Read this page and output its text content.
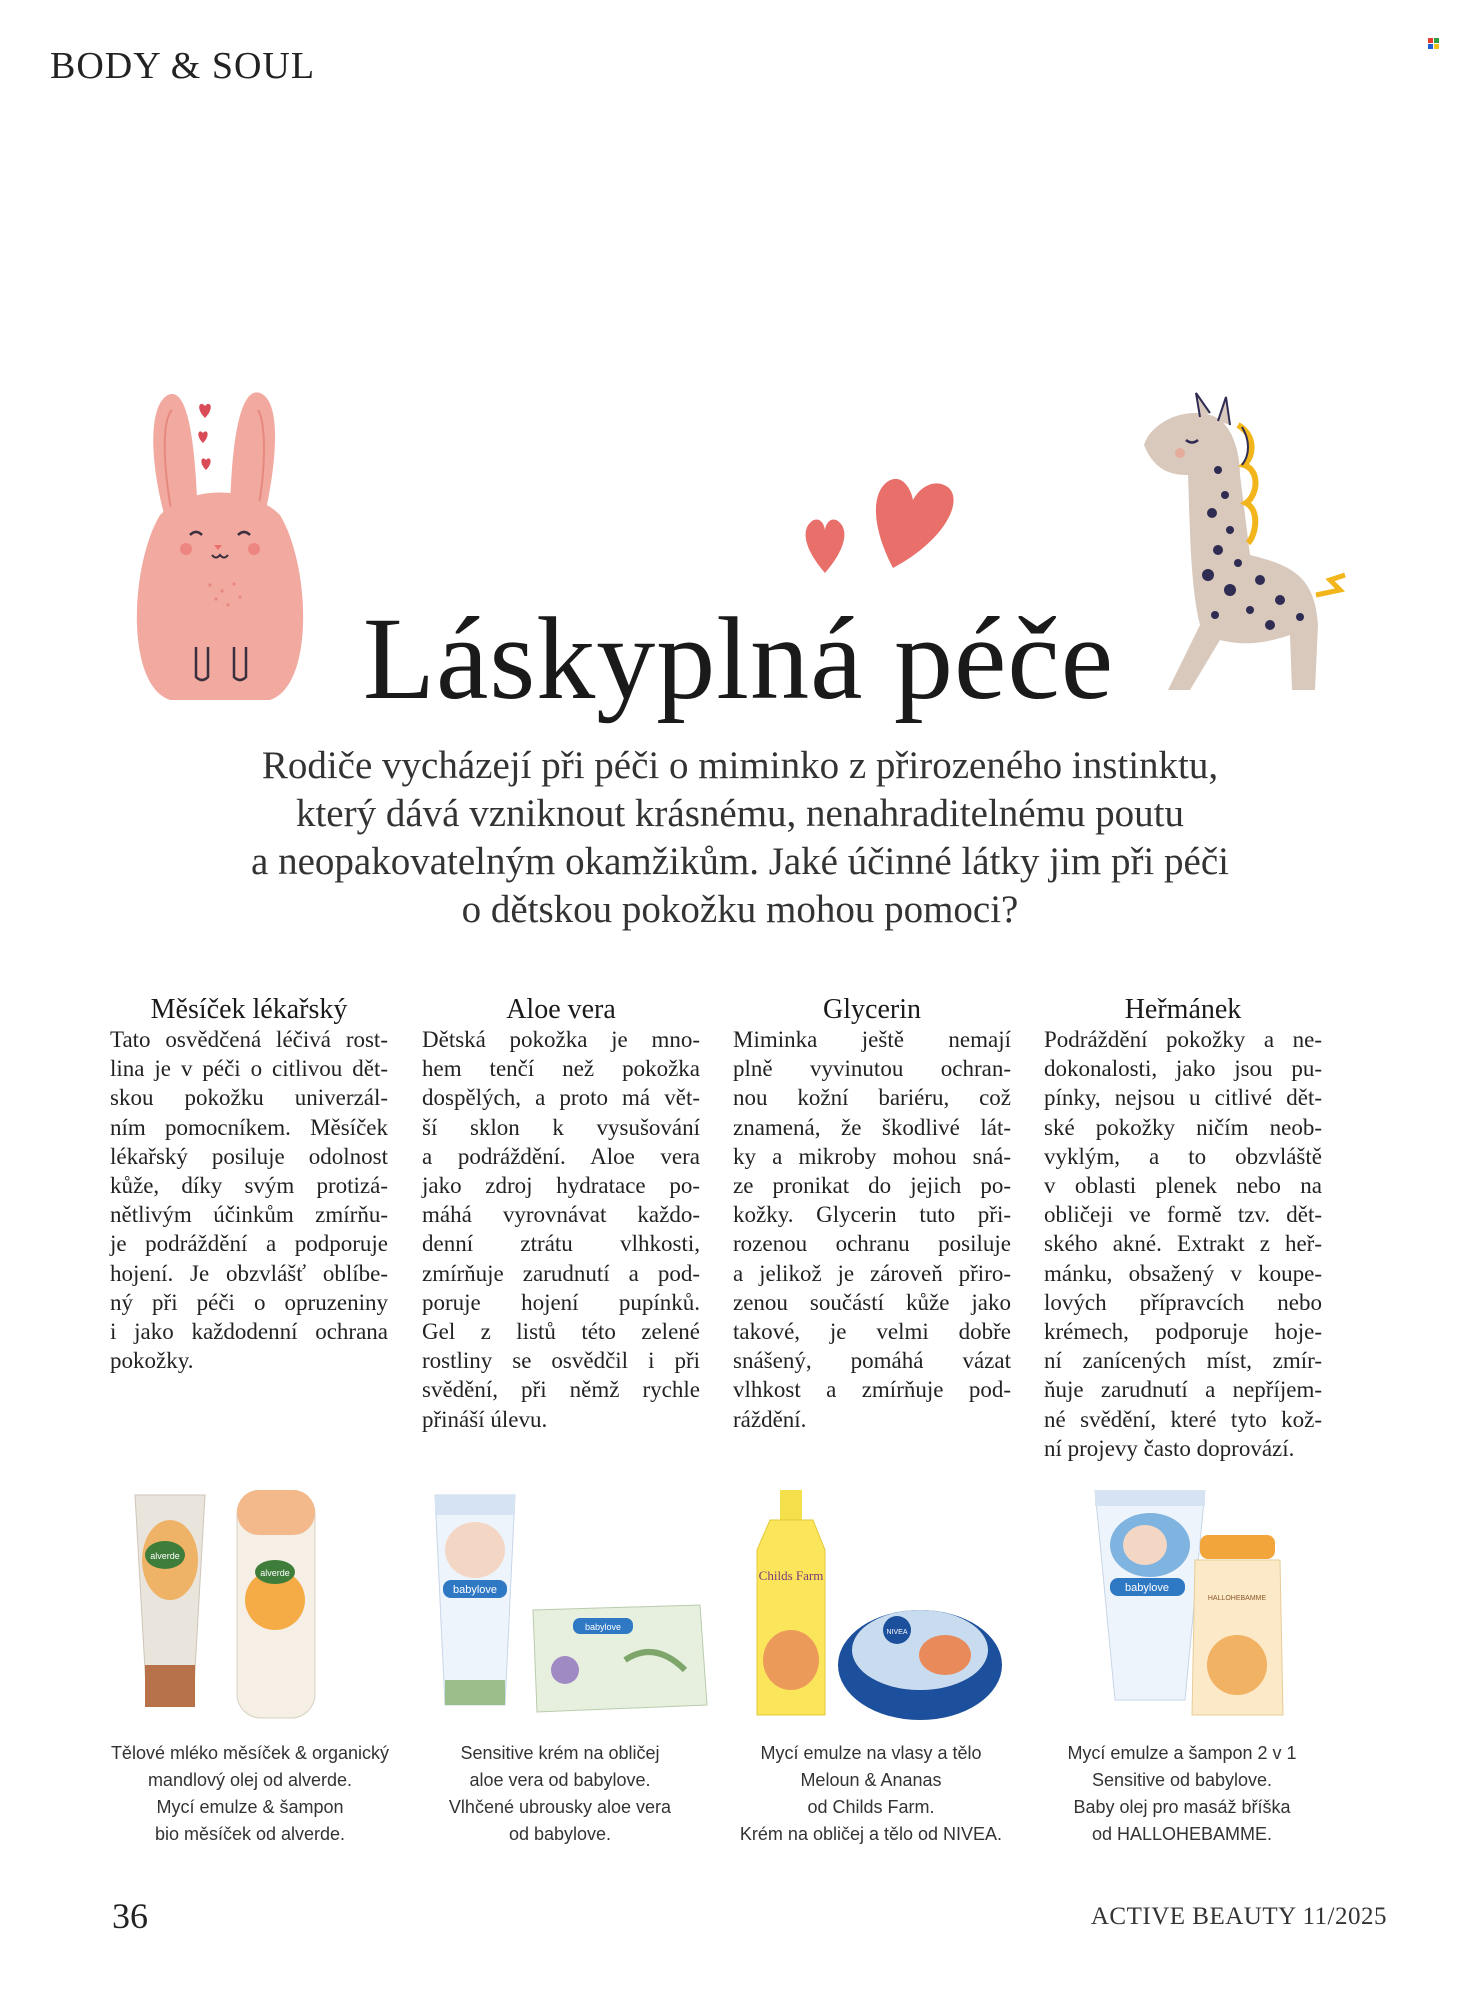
BODY & SOUL
Láskyplná péče
Rodiče vycházejí při péči o miminko z přirozeného instinktu,
který dává vzniknout krásnému, nenahraditelnému poutu
a neopakovatelným okamžikům. Jaké účinné látky jim při péči
o dětskou pokožku mohou pomoci?
Měsíček lékařský
Tato osvědčená léčivá rost-
lina je v péči o citlivou dět-
skou pokožku univerzál-
ním pomocníkem. Měsíček
lékařský posiluje odolnost
kůže, díky svým protizá-
nětlivým účinkům zmírňu-
je podráždění a podporuje
hojení. Je obzvlášť oblíbe-
ný při péči o opruzeniny
i jako každodenní ochrana
pokožky.
Aloe vera
Dětská pokožka je mno-
hem tenčí než pokožka
dospělých, a proto má vět-
ší sklon k vysušování
a podráždění. Aloe vera
jako zdroj hydratace po-
máhá vyrovnávat každo-
denní ztrátu vlhkosti,
zmírňuje zarudnutí a pod-
poruje hojení pupínků.
Gel z listů této zelené
rostliny se osvědčil i při
svědění, při němž rychle
přináší úlevu.
Glycerin
Miminka ještě nemají
plně vyvinutou ochran-
nou kožní bariéru, což
znamená, že škodlivé lát-
ky a mikroby mohou sná-
ze pronikat do jejich po-
kožky. Glycerin tuto při-
rozenou ochranu posiluje
a jelikož je zároveň přiro-
zenou součástí kůže jako
takové, je velmi dobře
snášený, pomáhá vázat
vlhkost a zmírňuje pod-
ráždění.
Heřmánek
Podráždění pokožky a ne-
dokonalosti, jako jsou pu-
pínky, nejsou u citlivé dět-
ské pokožky ničím neob-
vyklým, a to obzvláště
v oblasti plenek nebo na
obličeji ve formě tzv. dět-
ského akné. Extrakt z heř-
mánku, obsažený v koupe-
lových přípravcích nebo
krémech, podporuje hoje-
ní zanícených míst, zmír-
ňuje zarudnutí a nepříjem-
né svědění, které tyto kož-
ní projevy často doprovází.
alverde
alverde
babylove
babylove
Childs Farm
NIVEA
babylove
HALLOHEBAMME
Tělové mléko měsíček & organický
mandlový olej od alverde.
Mycí emulze & šampon
bio měsíček od alverde.
Sensitive krém na obličej
aloe vera od babylove.
Vlhčené ubrousky aloe vera
od babylove.
Mycí emulze na vlasy a tělo
Meloun & Ananas
od Childs Farm.
Krém na obličej a tělo od NIVEA.
Mycí emulze a šampon 2 v 1
Sensitive od babylove.
Baby olej pro masáž bříška
od HALLOHEBAMME.
36	ACTIVE BEAUTY 11/2025
